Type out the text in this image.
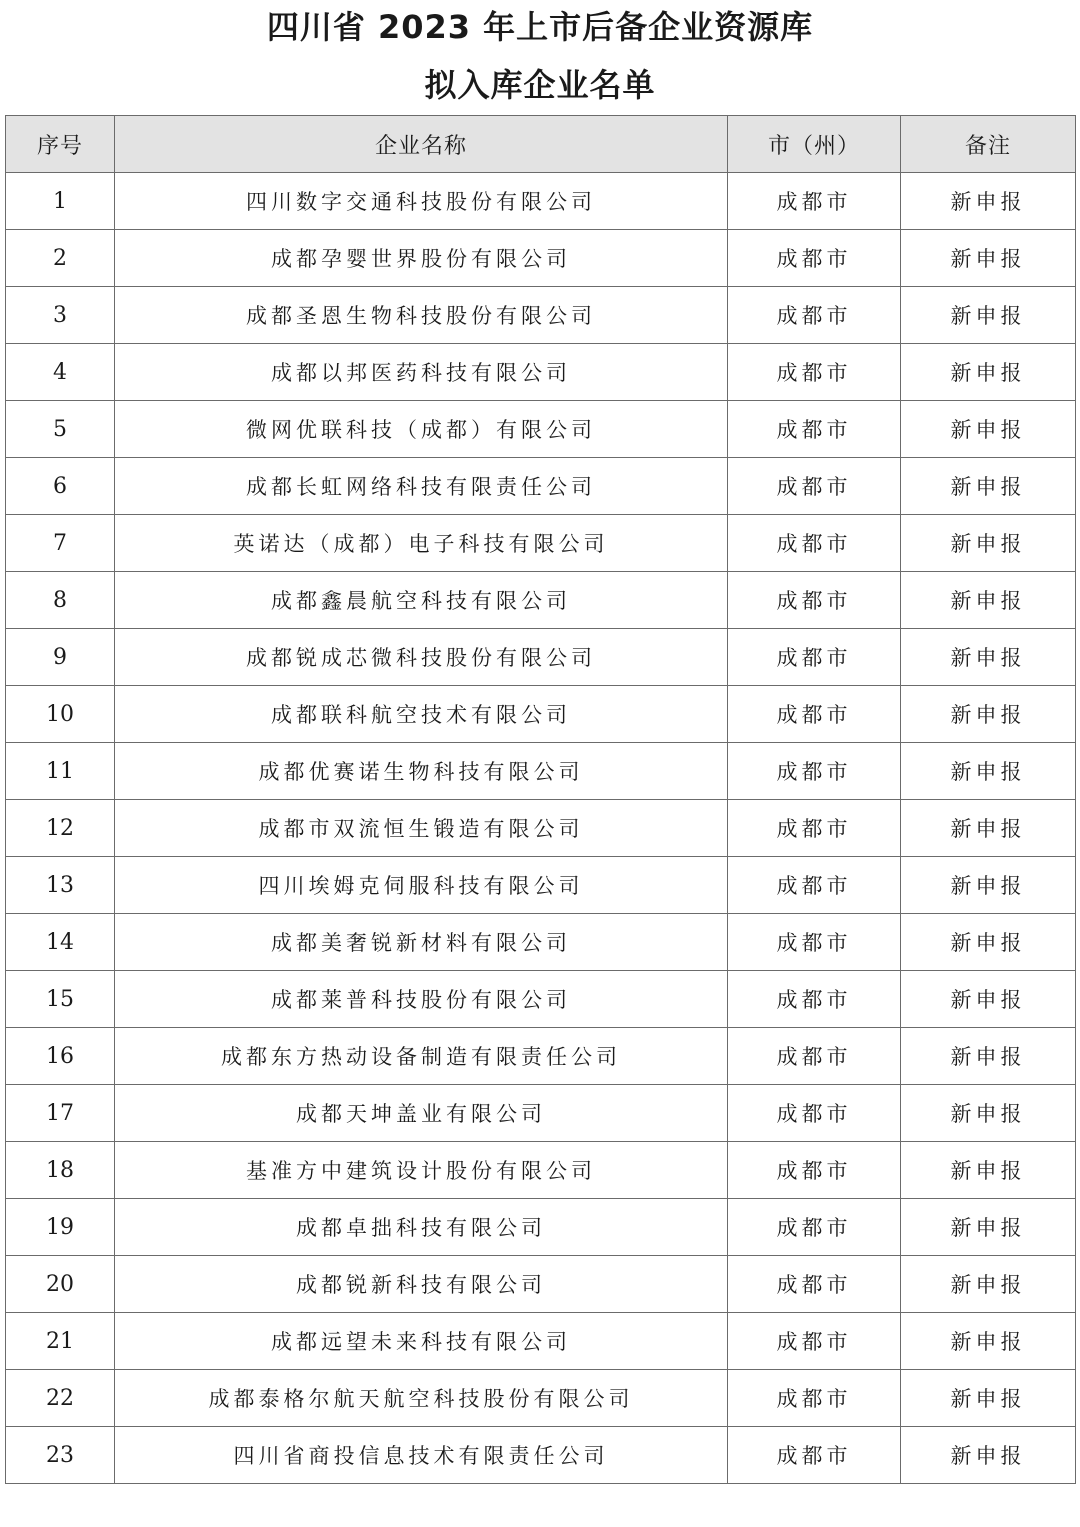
四川省 2023 年上市后备企业资源库
拟入库企业名单
序号	企业名称	市（州）	备注
1	四川数字交通科技股份有限公司	成都市	新申报
2	成都孕婴世界股份有限公司	成都市	新申报
3	成都圣恩生物科技股份有限公司	成都市	新申报
4	成都以邦医药科技有限公司	成都市	新申报
5	微网优联科技（成都）有限公司	成都市	新申报
6	成都长虹网络科技有限责任公司	成都市	新申报
7	英诺达（成都）电子科技有限公司	成都市	新申报
8	成都鑫晨航空科技有限公司	成都市	新申报
9	成都锐成芯微科技股份有限公司	成都市	新申报
10	成都联科航空技术有限公司	成都市	新申报
11	成都优赛诺生物科技有限公司	成都市	新申报
12	成都市双流恒生锻造有限公司	成都市	新申报
13	四川埃姆克伺服科技有限公司	成都市	新申报
14	成都美奢锐新材料有限公司	成都市	新申报
15	成都莱普科技股份有限公司	成都市	新申报
16	成都东方热动设备制造有限责任公司	成都市	新申报
17	成都天坤盖业有限公司	成都市	新申报
18	基准方中建筑设计股份有限公司	成都市	新申报
19	成都卓拙科技有限公司	成都市	新申报
20	成都锐新科技有限公司	成都市	新申报
21	成都远望未来科技有限公司	成都市	新申报
22	成都泰格尔航天航空科技股份有限公司	成都市	新申报
23	四川省商投信息技术有限责任公司	成都市	新申报
